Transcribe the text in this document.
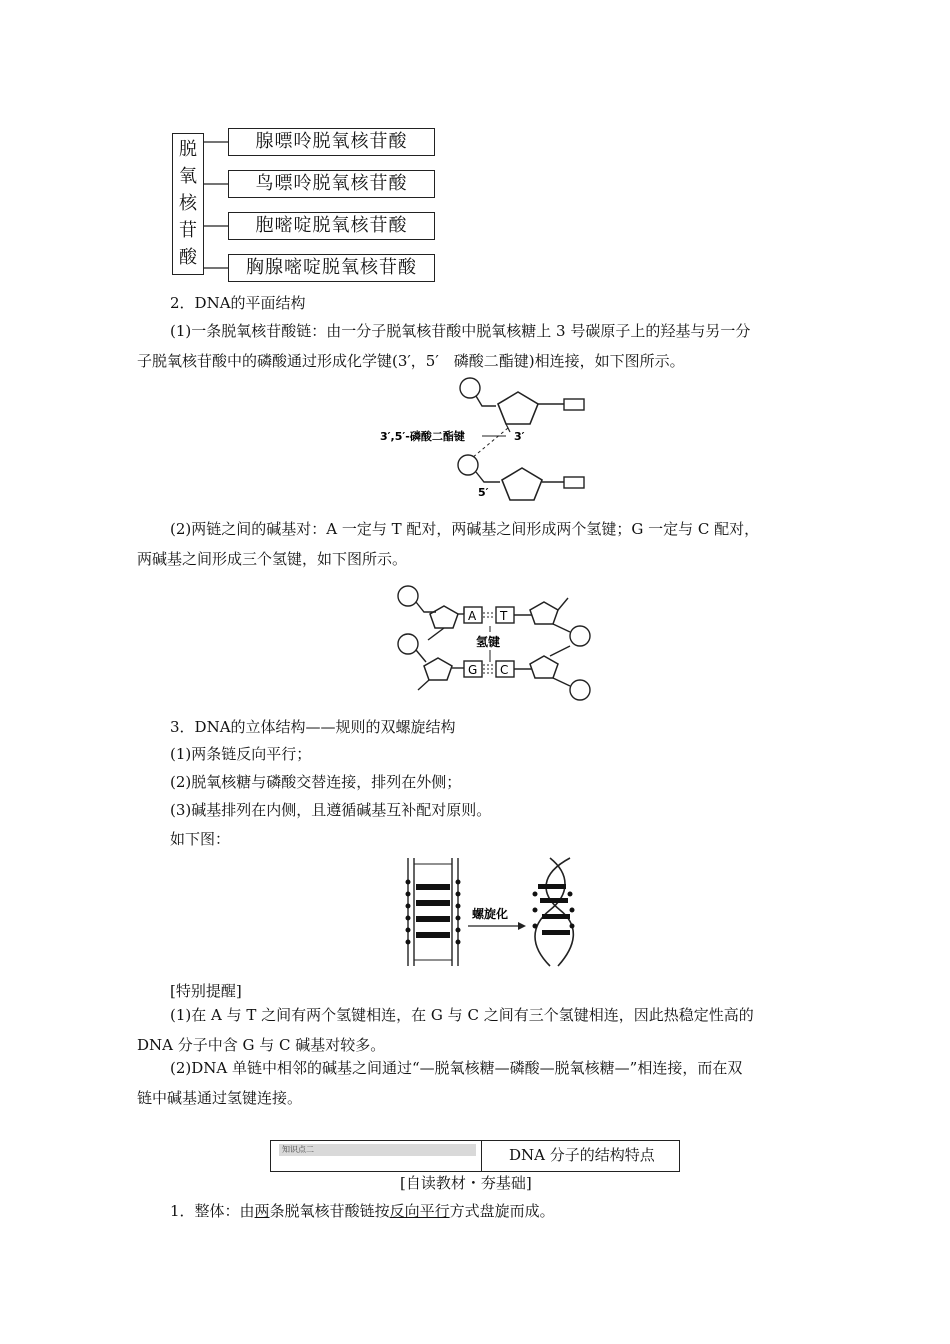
脱
氧
核
苷
酸
腺嘌呤脱氧核苷酸
鸟嘌呤脱氧核苷酸
胞嘧啶脱氧核苷酸
胸腺嘧啶脱氧核苷酸
2．DNA的平面结构
(1)一条脱氧核苷酸链：由一分子脱氧核苷酸中脱氧核糖上 3 号碳原子上的羟基与另一分
子脱氧核苷酸中的磷酸通过形成化学键(3′，5′　磷酸二酯键)相连接，如下图所示。
3′,5′-磷酸二酯键	3′
5′
(2)两链之间的碱基对：A 一定与 T 配对，两碱基之间形成两个氢键；G 一定与 C 配对，
两碱基之间形成三个氢键，如下图所示。
A T
氢键
G C
3．DNA的立体结构——规则的双螺旋结构
(1)两条链反向平行；
(2)脱氧核糖与磷酸交替连接，排列在外侧；
(3)碱基排列在内侧，且遵循碱基互补配对原则。
如下图：
螺旋化
[特别提醒]
(1)在 A 与 T 之间有两个氢键相连，在 G 与 C 之间有三个氢键相连，因此热稳定性高的
DNA 分子中含 G 与 C 碱基对较多。
(2)DNA 单链中相邻的碱基之间通过“—脱氧核糖—磷酸—脱氧核糖—”相连接，而在双
链中碱基通过氢键连接。
知识点二	DNA 分子的结构特点
[自读教材・夯基础]
1．整体：由两条脱氧核苷酸链按反向平行方式盘旋而成。
